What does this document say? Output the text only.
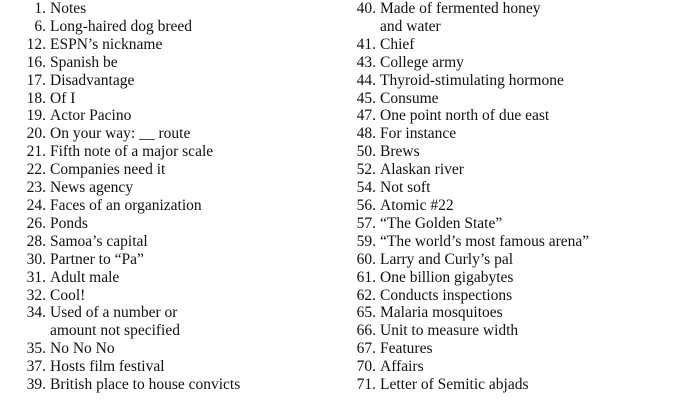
1. Notes
6. Long-haired dog breed
12. ESPN’s nickname
16. Spanish be
17. Disadvantage
18. Of I
19. Actor Pacino
20. On your way: __ route
21. Fifth note of a major scale
22. Companies need it
23. News agency
24. Faces of an organization
26. Ponds
28. Samoa’s capital
30. Partner to “Pa”
31. Adult male
32. Cool!
34. Used of a number or
amount not specified
35. No No No
37. Hosts film festival
39. British place to house convicts
40. Made of fermented honey
and water
41. Chief
43. College army
44. Thyroid-stimulating hormone
45. Consume
47. One point north of due east
48. For instance
50. Brews
52. Alaskan river
54. Not soft
56. Atomic #22
57. “The Golden State”
59. “The world’s most famous arena”
60. Larry and Curly’s pal
61. One billion gigabytes
62. Conducts inspections
65. Malaria mosquitoes
66. Unit to measure width
67. Features
70. Affairs
71. Letter of Semitic abjads
